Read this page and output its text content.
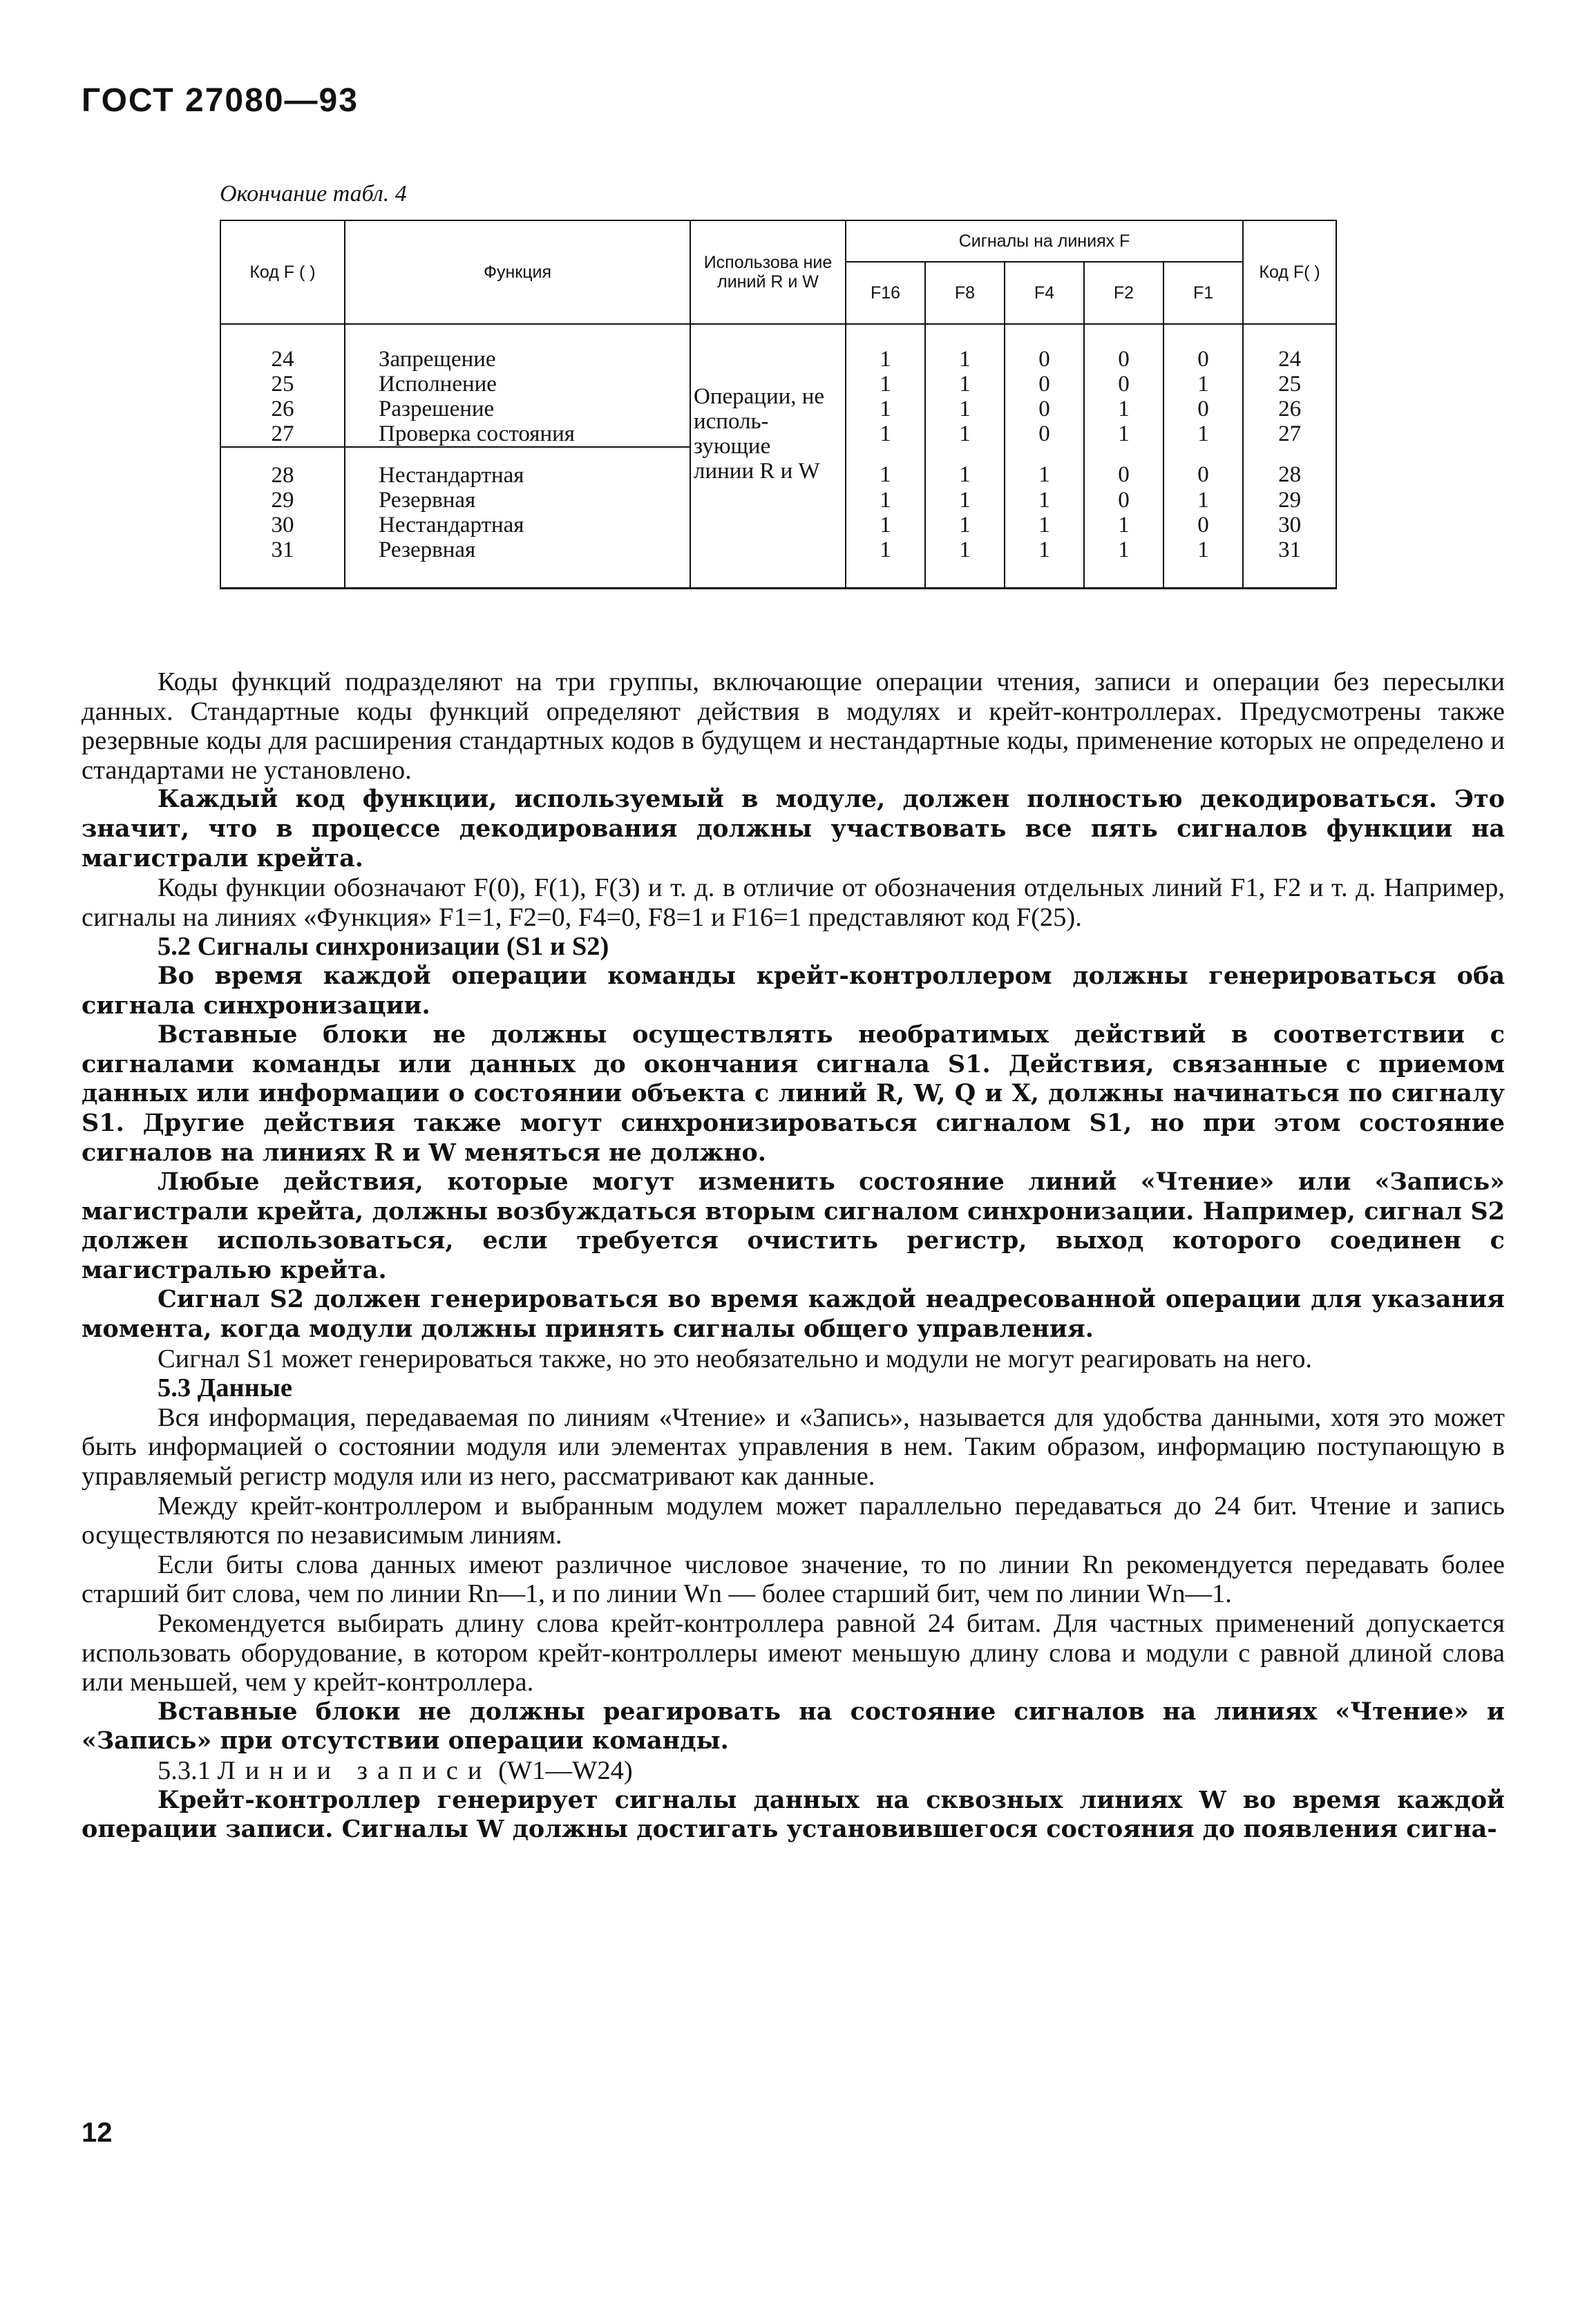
ГОСТ 27080—93
Окончание табл. 4
Код F ( )	Функция	Использова ние линий R и W	Сигналы на линиях F					Код F( )
			F16	F8	F4	F2	F1	

24	Запрещение	Операции, не исполь- зующие линии R и W	1	1	0	0	0	24
25	Исполнение		1	1	0	0	1	25
26	Разрешение		1	1	0	1	0	26
27	Проверка состояния		1	1	0	1	1	27
28	Нестандартная		1	1	1	0	0	28
29	Резервная		1	1	1	0	1	29
30	Нестандартная		1	1	1	1	0	30
31	Резервная		1	1	1	1	1	31

Коды функций подразделяют на три группы, включающие операции чтения, записи и операции без пересылки данных. Стандартные коды функций определяют действия в модулях и крейт-контроллерах. Предусмотрены также резервные коды для расширения стандартных кодов в будущем и нестандартные коды, применение которых не определено и стандартами не установлено.

Каждый код функции, используемый в модуле, должен полностью декодироваться. Это значит, что в процессе декодирования должны участвовать все пять сигналов функции на магистрали крейта.

Коды функции обозначают F(0), F(1), F(3) и т. д. в отличие от обозначения отдельных линий F1, F2 и т. д. Например, сигналы на линиях «Функция» F1=1, F2=0, F4=0, F8=1 и F16=1 представляют код F(25).

5.2 Сигналы синхронизации (S1 и S2)

Во время каждой операции команды крейт-контроллером должны генерироваться оба сигнала синхронизации.

Вставные блоки не должны осуществлять необратимых действий в соответствии с сигналами команды или данных до окончания сигнала S1. Действия, связанные с приемом данных или информации о состоянии объекта с линий R, W, Q и X, должны начинаться по сигналу S1. Другие действия также могут синхронизироваться сигналом S1, но при этом состояние сигналов на линиях R и W меняться не должно.

Любые действия, которые могут изменить состояние линий «Чтение» или «Запись» магистрали крейта, должны возбуждаться вторым сигналом синхронизации. Например, сигнал S2 должен использоваться, если требуется очистить регистр, выход которого соединен с магистралью крейта.

Сигнал S2 должен генерироваться во время каждой неадресованной операции для указания момента, когда модули должны принять сигналы общего управления.

Сигнал S1 может генерироваться также, но это необязательно и модули не могут реагировать на него.

5.3 Данные

Вся информация, передаваемая по линиям «Чтение» и «Запись», называется для удобства данными, хотя это может быть информацией о состоянии модуля или элементах управления в нем. Таким образом, информацию поступающую в управляемый регистр модуля или из него, рассматривают как данные.

Между крейт-контроллером и выбранным модулем может параллельно передаваться до 24 бит. Чтение и запись осуществляются по независимым линиям.

Если биты слова данных имеют различное числовое значение, то по линии Rn рекомендуется передавать более старший бит слова, чем по линии Rn—1, и по линии Wn — более старший бит, чем по линии Wn—1.

Рекомендуется выбирать длину слова крейт-контроллера равной 24 битам. Для частных применений допускается использовать оборудование, в котором крейт-контроллеры имеют меньшую длину слова и модули с равной длиной слова или меньшей, чем у крейт-контроллера.

Вставные блоки не должны реагировать на состояние сигналов на линиях «Чтение» и «Запись» при отсутствии операции команды.

5.3.1 Линии записи (W1—W24)

Крейт-контроллер генерирует сигналы данных на сквозных линиях W во время каждой операции записи. Сигналы W должны достигать установившегося состояния до появления сигна-

12
